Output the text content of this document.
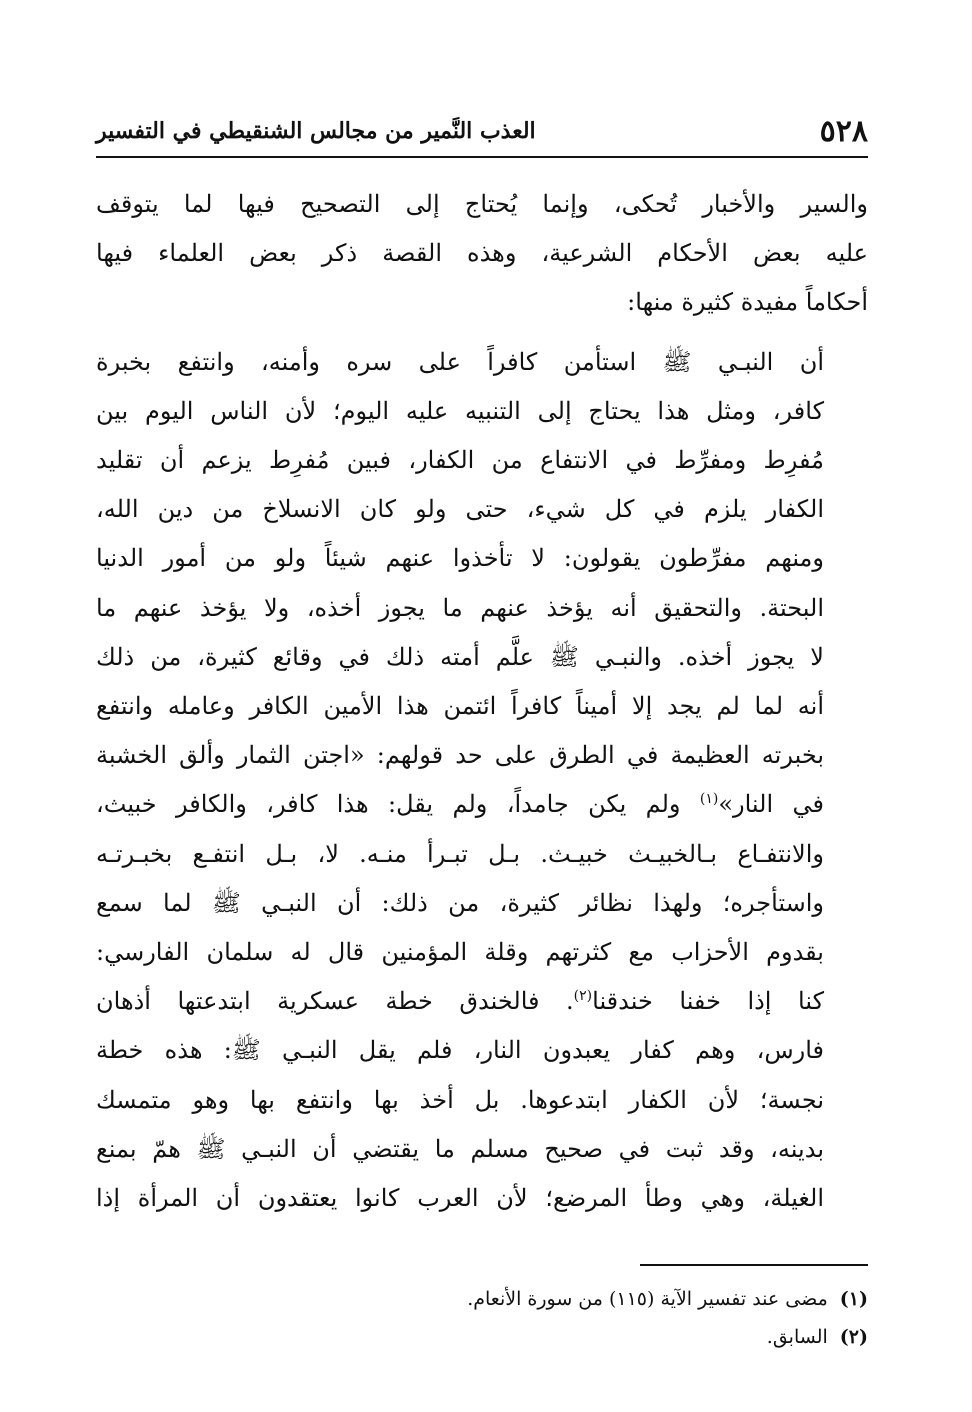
٥٢٨
العذب النَّمير من مجالس الشنقيطي في التفسير

والسير والأخبار تُحكى، وإنما يُحتاج إلى التصحيح فيها لما يتوقف
عليه بعض الأحكام الشرعية، وهذه القصة ذكر بعض العلماء فيها
أحكاماً مفيدة كثيرة منها:

أن النبـي ﷺ استأمن كافراً على سره وأمنه، وانتفع بخبرة
كافر، ومثل هذا يحتاج إلى التنبيه عليه اليوم؛ لأن الناس اليوم بين
مُفرِط ومفرِّط في الانتفاع من الكفار، فبين مُفرِط يزعم أن تقليد
الكفار يلزم في كل شيء، حتى ولو كان الانسلاخ من دين الله،
ومنهم مفرِّطون يقولون: لا تأخذوا عنهم شيئاً ولو من أمور الدنيا
البحتة. والتحقيق أنه يؤخذ عنهم ما يجوز أخذه، ولا يؤخذ عنهم ما
لا يجوز أخذه. والنبـي ﷺ علَّم أمته ذلك في وقائع كثيرة، من ذلك
أنه لما لم يجد إلا أميناً كافراً ائتمن هذا الأمين الكافر وعامله وانتفع
بخبرته العظيمة في الطرق على حد قولهم: «اجتن الثمار وألق الخشبة
في النار»$^{(١)}$ ولم يكن جامداً، ولم يقل: هذا كافر، والكافر خبيث،
والانتفـاع بـالخبيـث خبيـث. بـل تبـرأ منـه. لا، بـل انتفـع بخبـرتـه
واستأجره؛ ولهذا نظائر كثيرة، من ذلك: أن النبـي ﷺ لما سمع
بقدوم الأحزاب مع كثرتهم وقلة المؤمنين قال له سلمان الفارسي:
كنا إذا خفنا خندقنا$^{(٢)}$. فالخندق خطة عسكرية ابتدعتها أذهان
فارس، وهم كفار يعبدون النار، فلم يقل النبـي ﷺ: هذه خطة
نجسة؛ لأن الكفار ابتدعوها. بل أخذ بها وانتفع بها وهو متمسك
بدينه، وقد ثبت في صحيح مسلم ما يقتضي أن النبـي ﷺ همّ بمنع
الغيلة، وهي وطأ المرضع؛ لأن العرب كانوا يعتقدون أن المرأة إذا

(١)مضى عند تفسير الآية (١١٥) من سورة الأنعام.
(٢)السابق.
